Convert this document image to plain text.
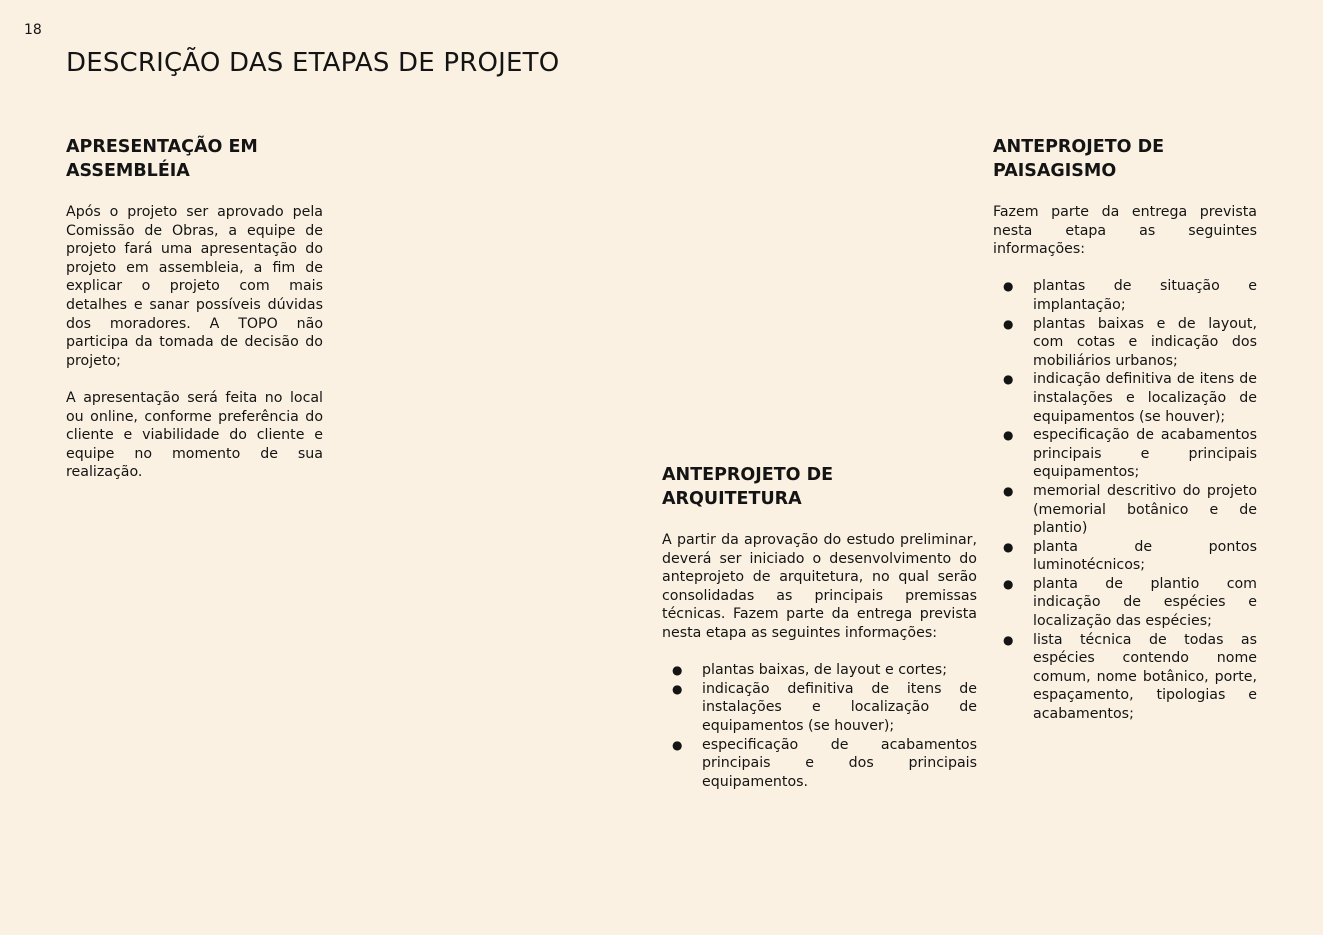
18
DESCRIÇÃO DAS ETAPAS DE PROJETO
APRESENTAÇÃO EM
ASSEMBLÉIA

Após o projeto ser aprovado pela Comissão de Obras, a equipe de projeto fará uma apresentação do projeto em assembleia, a fim de explicar o projeto com mais detalhes e sanar possíveis dúvidas dos moradores. A TOPO não participa da tomada de decisão do projeto;

A apresentação será feita no local ou online, conforme preferência do cliente e viabilidade do cliente e equipe no momento de sua realização.	ANTEPROJETO DE
ARQUITETURA

A partir da aprovação do estudo preliminar, deverá ser iniciado o desenvolvimento do anteprojeto de arquitetura, no qual serão consolidadas as principais premissas técnicas. Fazem parte da entrega prevista nesta etapa as seguintes informações:

● plantas baixas, de layout e cortes;
● indicação definitiva de itens de instalações e localização de equipamentos (se houver);
● especificação de acabamentos principais e dos principais equipamentos.
ANTEPROJETO DE
PAISAGISMO

Fazem parte da entrega prevista nesta etapa as seguintes informações:

● plantas de situação e implantação;
● plantas baixas e de layout, com cotas e indicação dos mobiliários urbanos;
● indicação definitiva de itens de instalações e localização de equipamentos (se houver);
● especificação de acabamentos principais e principais equipamentos;
● memorial descritivo do projeto (memorial botânico e de plantio)
● planta de pontos luminotécnicos;
● planta de plantio com indicação de espécies e localização das espécies;
● lista técnica de todas as espécies contendo nome comum, nome botânico, porte, espaçamento, tipologias e acabamentos;
